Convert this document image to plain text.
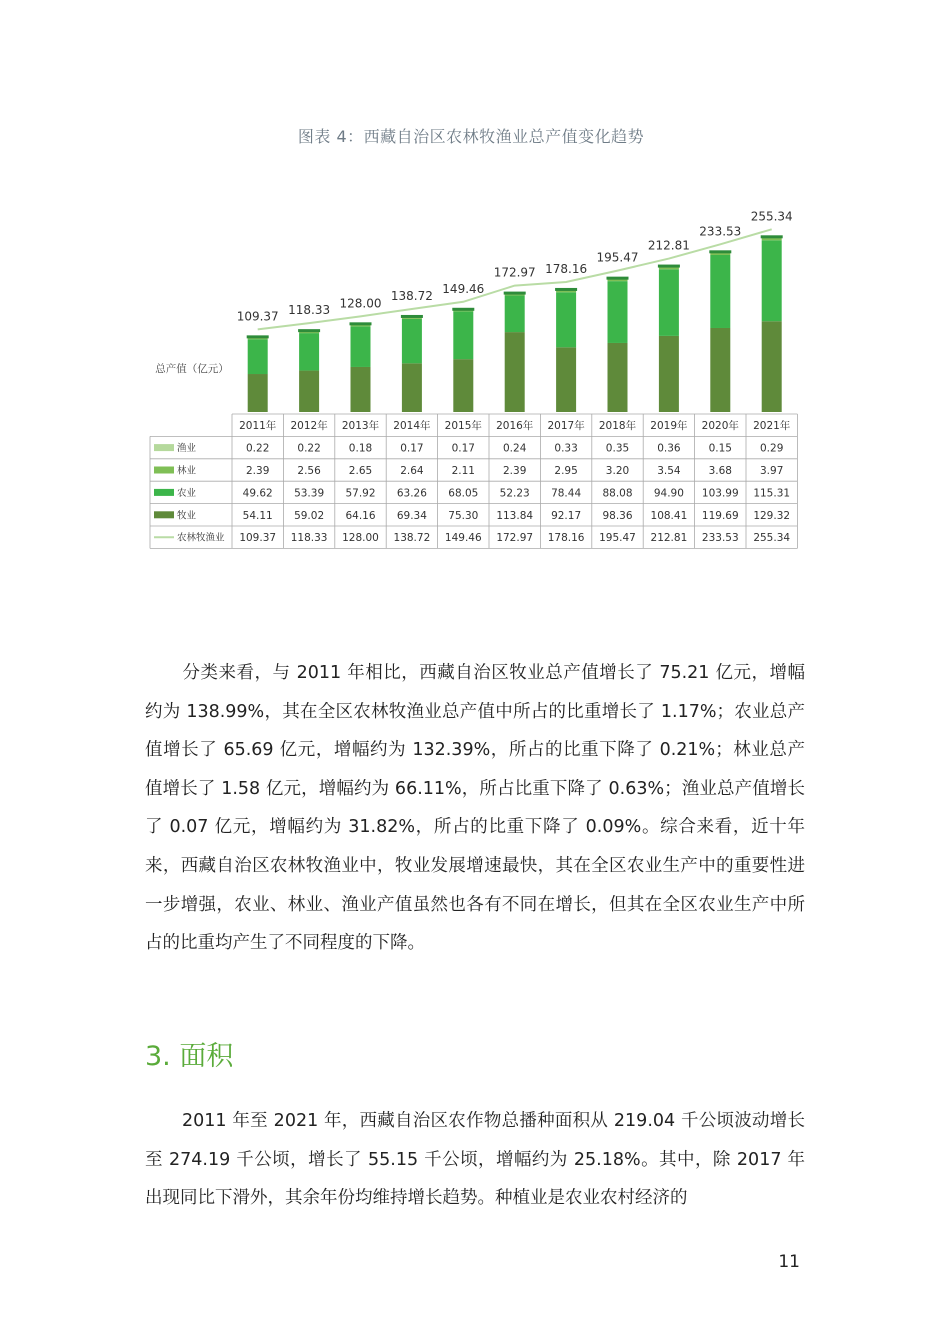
图表 4：西藏自治区农林牧渔业总产值变化趋势
总产值（亿元）
109.37 118.33 128.00
138.72
149.46
172.97 178.16
195.47
212.81
233.53
255.34
2011年 2012年 2013年 2014年 2015年 2016年 2017年 2018年 2019年 2020年 2021年
渔业	0.22	0.22	0.18	0.17	0.17	0.24	0.33	0.35	0.36	0.15	0.29
林业	2.39	2.56	2.65	2.64	2.11	2.39	2.95	3.20	3.54	3.68	3.97
农业	49.62 53.39 57.92 63.26 68.05 52.23 78.44 88.08 94.90 103.99 115.31
牧业	54.11 59.02 64.16 69.34 75.30 113.84 92.17 98.36 108.41 119.69 129.32
农林牧渔业 109.37 118.33 128.00 138.72 149.46 172.97 178.16 195.47 212.81 233.53 255.34

分类来看，与 2011 年相比，西藏自治区牧业总产值增长了 75.21 亿元，增幅约为 138.99%，其在全区农林牧渔业总产值中所占的比重增长了 1.17%；农业总产值增长了 65.69 亿元，增幅约为 132.39%，所占的比重下降了 0.21%；林业总产值增长了 1.58 亿元，增幅约为 66.11%，所占比重下降了 0.63%；渔业总产值增长了 0.07 亿元，增幅约为 31.82%，所占的比重下降了 0.09%。综合来看，近十年来，西藏自治区农林牧渔业中，牧业发展增速最快，其在全区农业生产中的重要性进一步增强，农业、林业、渔业产值虽然也各有不同在增长，但其在全区农业生产中所占的比重均产生了不同程度的下降。

3. 面积

2011 年至 2021 年，西藏自治区农作物总播种面积从 219.04 千公顷波动增长至 274.19 千公顷，增长了 55.15 千公顷，增幅约为 25.18%。其中，除 2017 年出现同比下滑外，其余年份均维持增长趋势。种植业是农业农村经济的

11
